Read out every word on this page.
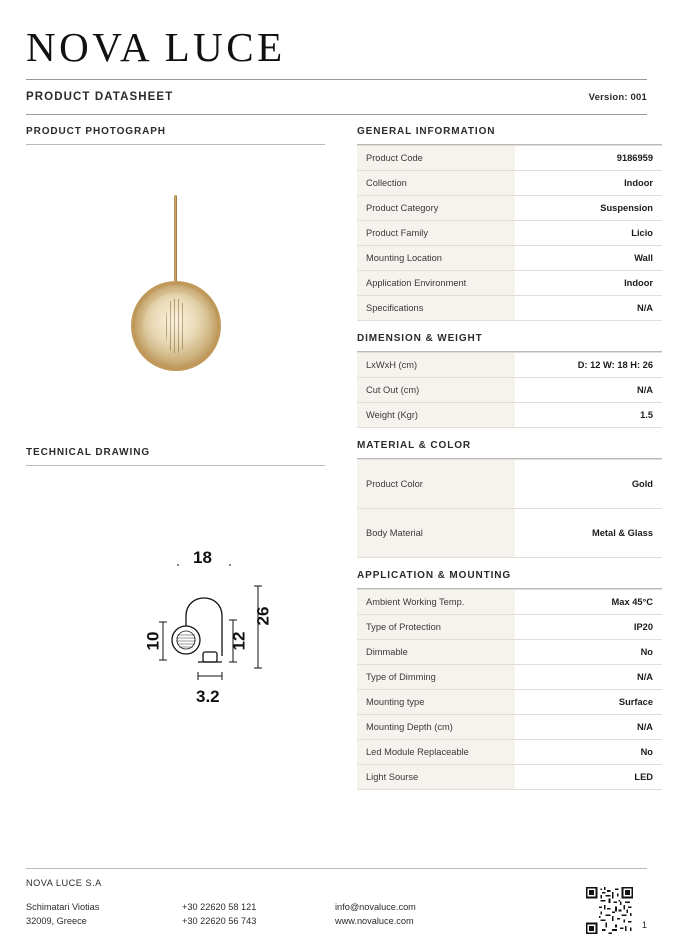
NOVA LUCE
PRODUCT DATASHEET	Version: 001
PRODUCT PHOTOGRAPH
TECHNICAL DRAWING
18
10	12
26
3.2
GENERAL INFORMATION
Product Code	9186959
Collection	Indoor
Product Category	Suspension
Product Family	Licio
Mounting Location	Wall
Application Environment	Indoor
Specifications	N/A
DIMENSION & WEIGHT
LxWxH (cm)	D: 12 W: 18 H: 26
Cut Out (cm)	N/A
Weight (Kgr)	1.5
MATERIAL & COLOR
Product Color	Gold
Body Material	Metal & Glass
APPLICATION & MOUNTING
Ambient Working Temp.	Max 45°C
Type of Protection	IP20
Dimmable	No
Type of Dimming	N/A
Mounting type	Surface
Mounting Depth (cm)	N/A
Led Module Replaceable	No
Light Sourse	LED
NOVA LUCE S.A
Schimatari Viotias
32009, Greece
+30 22620 58 121
+30 22620 56 743
info@novaluce.com
www.novaluce.com	1
